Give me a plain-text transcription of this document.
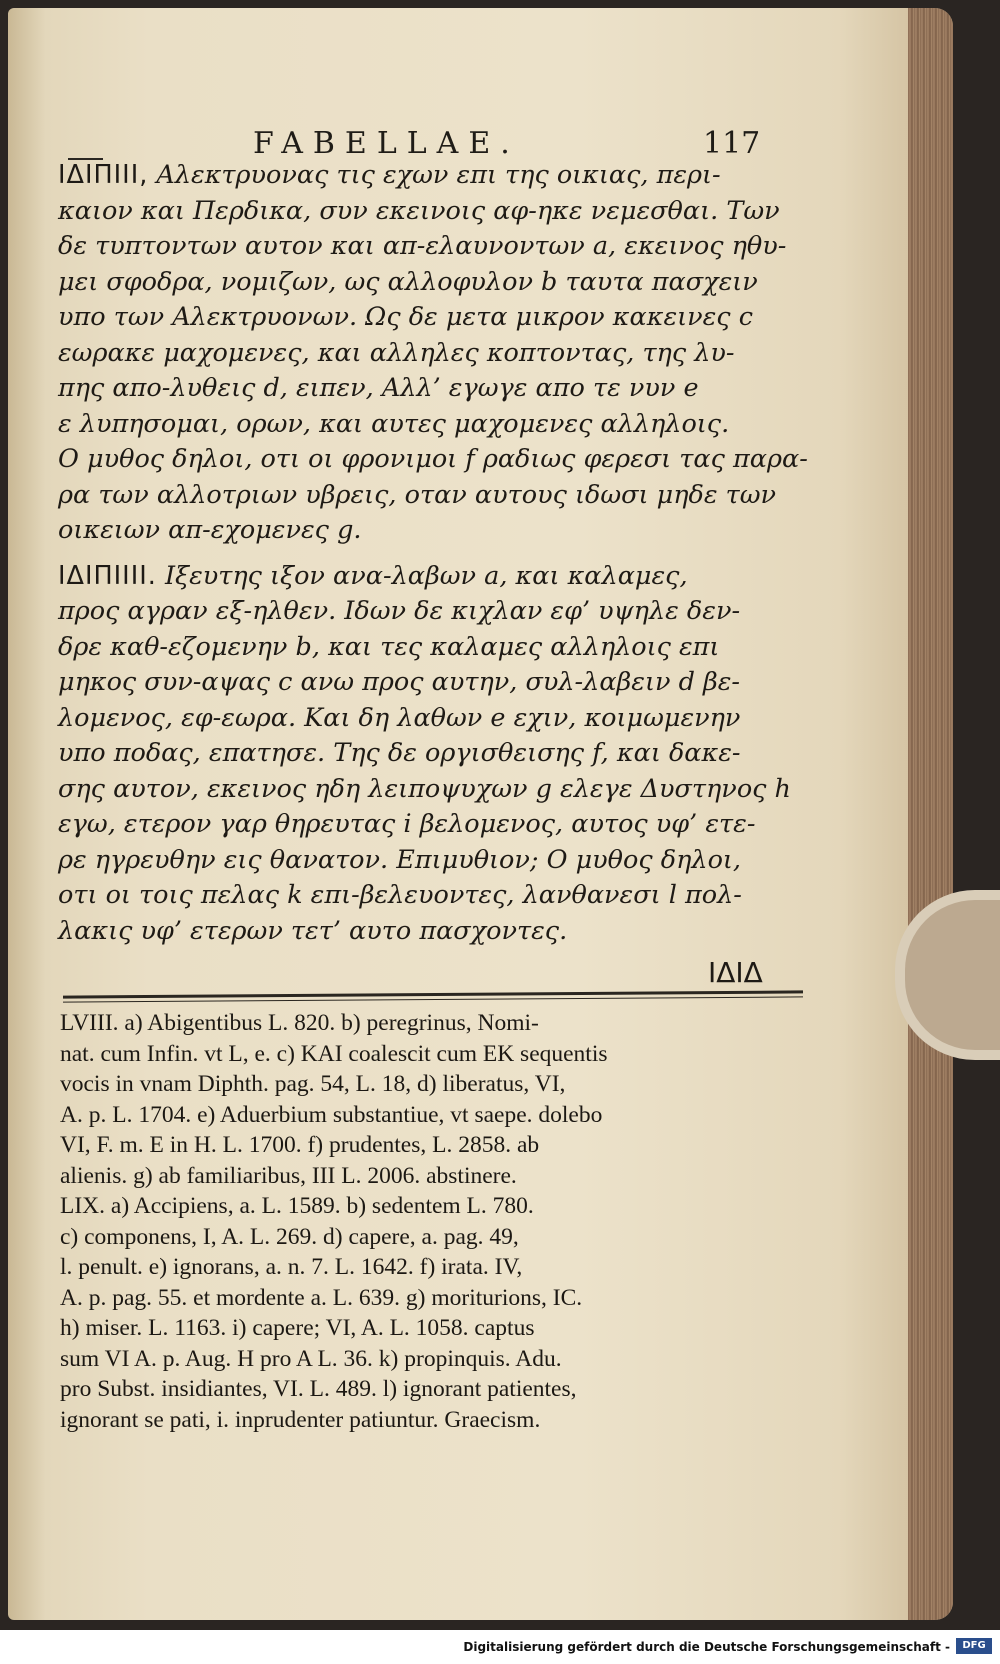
FABELLAE.	117
ΙΔΙΠΙΙΙ, Αλεκτρυονας τις εχων επι της οικιας, περι-
καιον και Περδικα, συν εκεινοις αφ-ηκε νεμεσθαι. Των
δε τυπτοντων αυτον και απ-ελαυνοντων a, εκεινος ηθυ-
μει σφοδρα, νομιζων, ως αλλοφυλον b ταυτα πασχειν
υπο των Αλεκτρυονων. Ως δε μετα μικρον κακεινες c
εωρακε μαχομενες, και αλληλες κοπτοντας, της λυ-
πης απο-λυθεις d, ειπεν, Αλλ’ εγωγε απο τε νυν e
ε λυπησομαι, ορων, και αυτες μαχομενες αλληλοις.
Ο μυθος δηλοι, οτι οι φρονιμοι f ραδιως φερεσι τας παρα-
ρα των αλλοτριων υβρεις, οταν αυτους ιδωσι μηδε των
οικειων απ-εχομενες g.
ΙΔΙΠΙΙΙΙ. Ιξευτης ιξον ανα-λαβων a, και καλαμες,
προς αγραν εξ-ηλθεν. Ιδων δε κιχλαν εφ’ υψηλε δεν-
δρε καθ-εζομενην b, και τες καλαμες αλληλοις επι
μηκος συν-αψας c ανω προς αυτην, συλ-λαβειν d βε-
λομενος, εφ-εωρα. Και δη λαθων e εχιν, κοιμωμενην
υπο ποδας, επατησε. Της δε οργισθεισης f, και δακε-
σης αυτον, εκεινος ηδη λειποψυχων g ελεγε Δυστηνος h
εγω, ετερον γαρ θηρευτας i βελομενος, αυτος υφ’ ετε-
ρε ηγρευθην εις θανατον. Επιμυθιον; Ο μυθος δηλοι,
οτι οι τοις πελας k επι-βελευοντες, λανθανεσι l πολ-
λακις υφ’ ετερων τετ’ αυτο πασχοντες.
ΙΔΙΔ
LVIII. a) Abigentibus L. 820. b) peregrinus, Nomi-
nat. cum Infin. vt L, e. c) KAI coalescit cum EK sequentis
vocis in vnam Diphth. pag. 54, L. 18, d) liberatus, VI,
A. p. L. 1704. e) Aduerbium substantiue, vt saepe. dolebo
VI, F. m. E in H. L. 1700. f) prudentes, L. 2858. ab
alienis. g) ab familiaribus, III L. 2006. abstinere.
LIX. a) Accipiens, a. L. 1589. b) sedentem L. 780.
c) componens, I, A. L. 269. d) capere, a. pag. 49,
l. penult. e) ignorans, a. n. 7. L. 1642. f) irata. IV,
A. p. pag. 55. et mordente a. L. 639. g) moriturions, IC.
h) miser. L. 1163. i) capere; VI, A. L. 1058. captus
sum VI A. p. Aug. H pro A L. 36. k) propinquis. Adu.
pro Subst. insidiantes, VI. L. 489. l) ignorant patientes,
ignorant se pati, i. inprudenter patiuntur. Graecism.
Digitalisierung gefördert durch die Deutsche Forschungsgemeinschaft -	DFG
